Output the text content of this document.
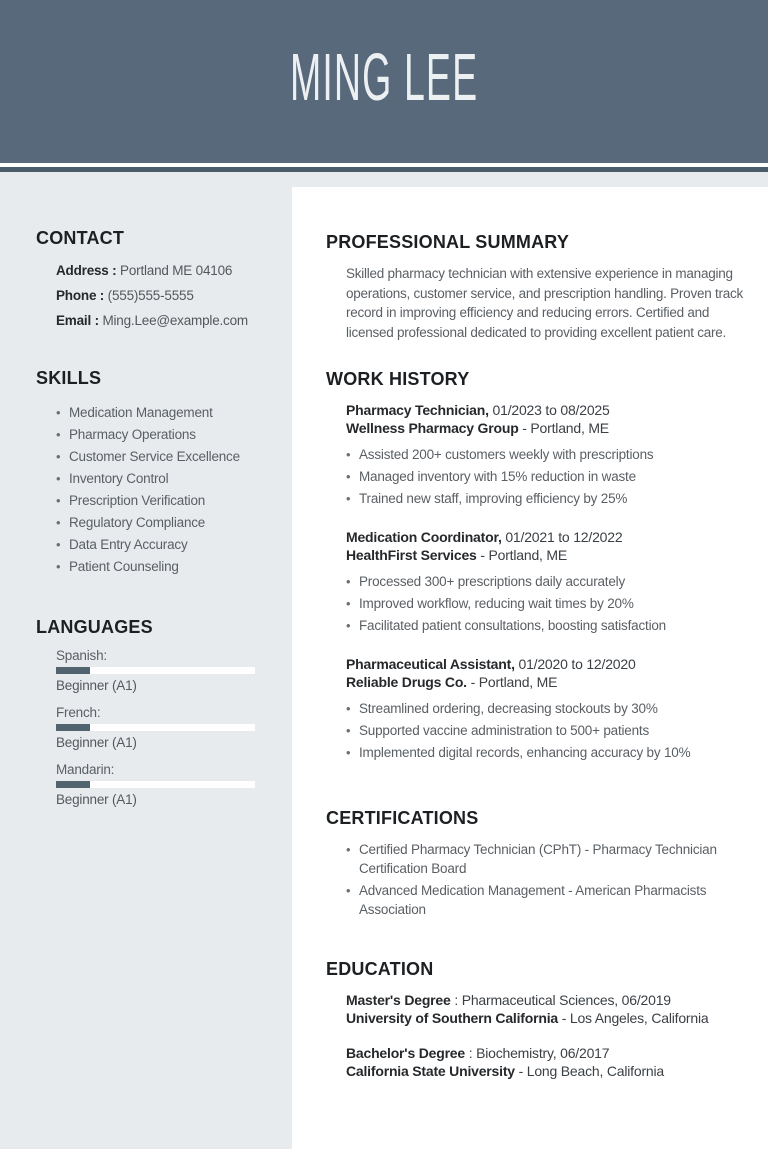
MING LEE
CONTACT
Address : Portland ME 04106
Phone : (555)555-5555
Email : Ming.Lee@example.com
SKILLS
• Medication Management
• Pharmacy Operations
• Customer Service Excellence
• Inventory Control
• Prescription Verification
• Regulatory Compliance
• Data Entry Accuracy
• Patient Counseling
LANGUAGES
Spanish:
Beginner (A1)
French:
Beginner (A1)
Mandarin:
Beginner (A1)
PROFESSIONAL SUMMARY

Skilled pharmacy technician with extensive experience in managing operations, customer service, and prescription handling. Proven track record in improving efficiency and reducing errors. Certified and licensed professional dedicated to providing excellent patient care.

WORK HISTORY
Pharmacy Technician, 01/2023 to 08/2025
Wellness Pharmacy Group - Portland, ME
• Assisted 200+ customers weekly with prescriptions
• Managed inventory with 15% reduction in waste
• Trained new staff, improving efficiency by 25%
Medication Coordinator, 01/2021 to 12/2022
HealthFirst Services - Portland, ME
• Processed 300+ prescriptions daily accurately
• Improved workflow, reducing wait times by 20%
• Facilitated patient consultations, boosting satisfaction
Pharmaceutical Assistant, 01/2020 to 12/2020
Reliable Drugs Co. - Portland, ME
• Streamlined ordering, decreasing stockouts by 30%
• Supported vaccine administration to 500+ patients
• Implemented digital records, enhancing accuracy by 10%
CERTIFICATIONS
• Certified Pharmacy Technician (CPhT) - Pharmacy Technician Certification Board
• Advanced Medication Management - American Pharmacists Association
EDUCATION
Master's Degree : Pharmaceutical Sciences, 06/2019
University of Southern California - Los Angeles, California
Bachelor's Degree : Biochemistry, 06/2017
California State University - Long Beach, California
